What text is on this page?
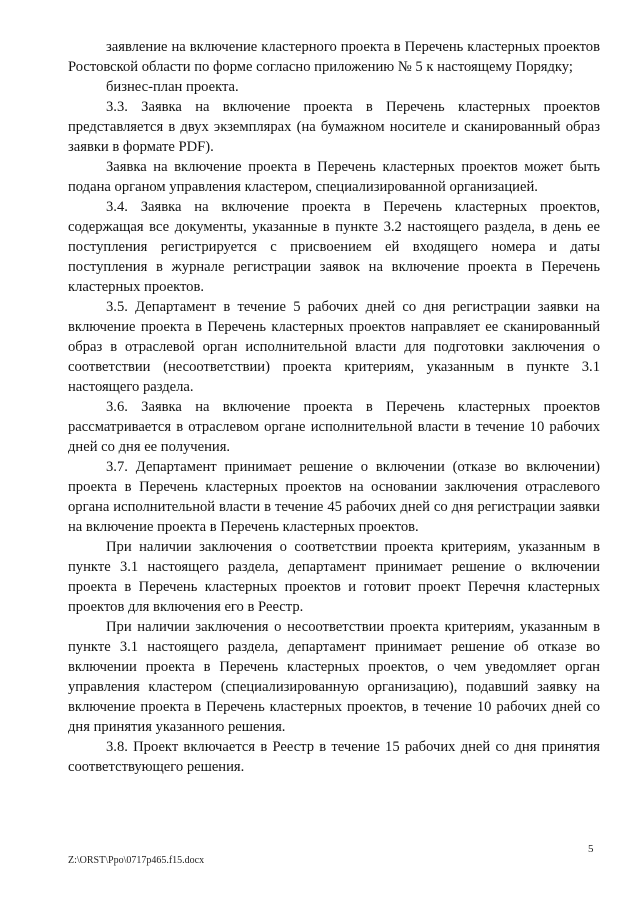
заявление на включение кластерного проекта в Перечень кластерных проектов Ростовской области по форме согласно приложению № 5 к настоящему Порядку;

бизнес-план проекта.

3.3. Заявка на включение проекта в Перечень кластерных проектов представляется в двух экземплярах (на бумажном носителе и сканированный образ заявки в формате PDF).

Заявка на включение проекта в Перечень кластерных проектов может быть подана органом управления кластером, специализированной организацией.

3.4. Заявка на включение проекта в Перечень кластерных проектов, содержащая все документы, указанные в пункте 3.2 настоящего раздела, в день ее поступления регистрируется с присвоением ей входящего номера и даты поступления в журнале регистрации заявок на включение проекта в Перечень кластерных проектов.

3.5. Департамент в течение 5 рабочих дней со дня регистрации заявки на включение проекта в Перечень кластерных проектов направляет ее сканированный образ в отраслевой орган исполнительной власти для подготовки заключения о соответствии (несоответствии) проекта критериям, указанным в пункте 3.1 настоящего раздела.

3.6. Заявка на включение проекта в Перечень кластерных проектов рассматривается в отраслевом органе исполнительной власти в течение 10 рабочих дней со дня ее получения.

3.7. Департамент принимает решение о включении (отказе во включении) проекта в Перечень кластерных проектов на основании заключения отраслевого органа исполнительной власти в течение 45 рабочих дней со дня регистрации заявки на включение проекта в Перечень кластерных проектов.

При наличии заключения о соответствии проекта критериям, указанным в пункте 3.1 настоящего раздела, департамент принимает решение о включении проекта в Перечень кластерных проектов и готовит проект Перечня кластерных проектов для включения его в Реестр.

При наличии заключения о несоответствии проекта критериям, указанным в пункте 3.1 настоящего раздела, департамент принимает решение об отказе во включении проекта в Перечень кластерных проектов, о чем уведомляет орган управления кластером (специализированную организацию), подавший заявку на включение проекта в Перечень кластерных проектов, в течение 10 рабочих дней со дня принятия указанного решения.

3.8. Проект включается в Реестр в течение 15 рабочих дней со дня принятия соответствующего решения.

5
Z:\ORST\Ppo\0717p465.f15.docx
